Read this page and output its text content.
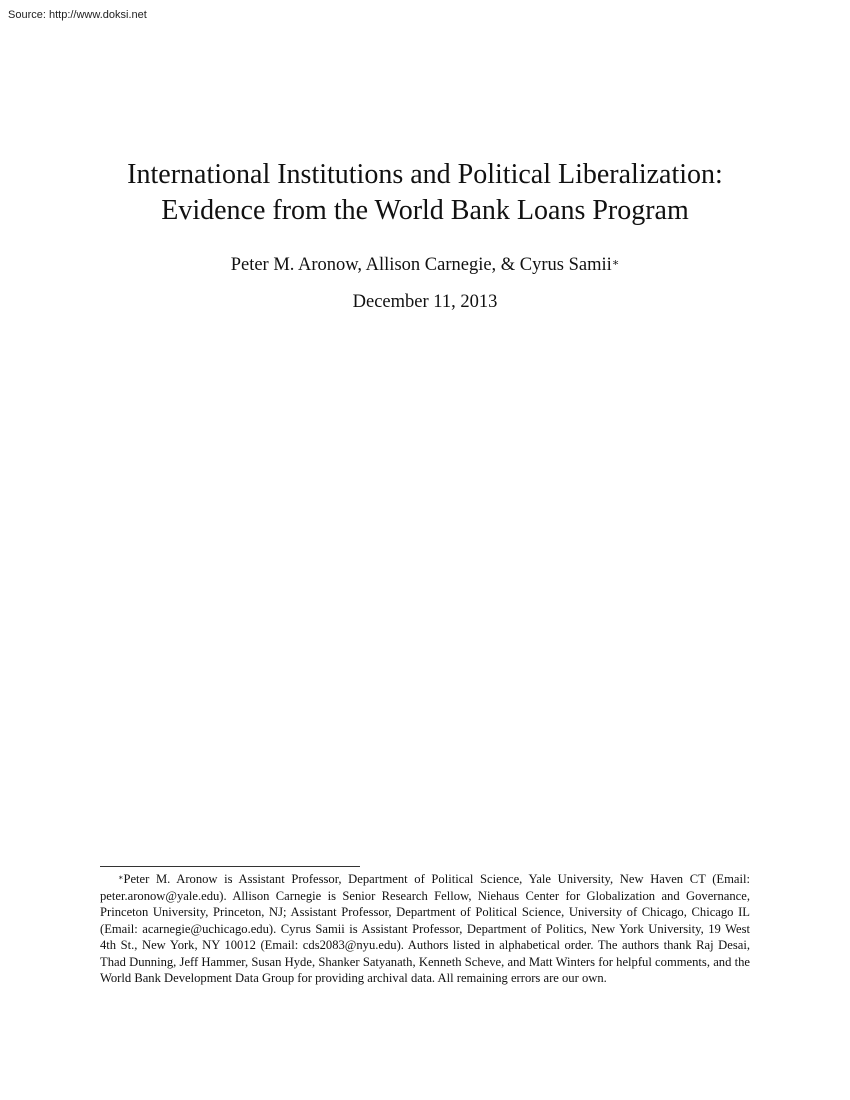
Source: http://www.doksi.net
International Institutions and Political Liberalization:
Evidence from the World Bank Loans Program
Peter M. Aronow, Allison Carnegie, & Cyrus Samii∗
December 11, 2013

∗Peter M. Aronow is Assistant Professor, Department of Political Science, Yale University, New Haven CT (Email: peter.aronow@yale.edu). Allison Carnegie is Senior Research Fellow, Niehaus Center for Globalization and Governance, Princeton University, Princeton, NJ; Assistant Professor, Department of Political Science, University of Chicago, Chicago IL (Email: acarnegie@uchicago.edu). Cyrus Samii is Assistant Professor, Department of Politics, New York University, 19 West 4th St., New York, NY 10012 (Email: cds2083@nyu.edu). Authors listed in alphabetical order. The authors thank Raj Desai, Thad Dunning, Jeff Hammer, Susan Hyde, Shanker Satyanath, Kenneth Scheve, and Matt Winters for helpful comments, and the World Bank Development Data Group for providing archival data. All remaining errors are our own.
